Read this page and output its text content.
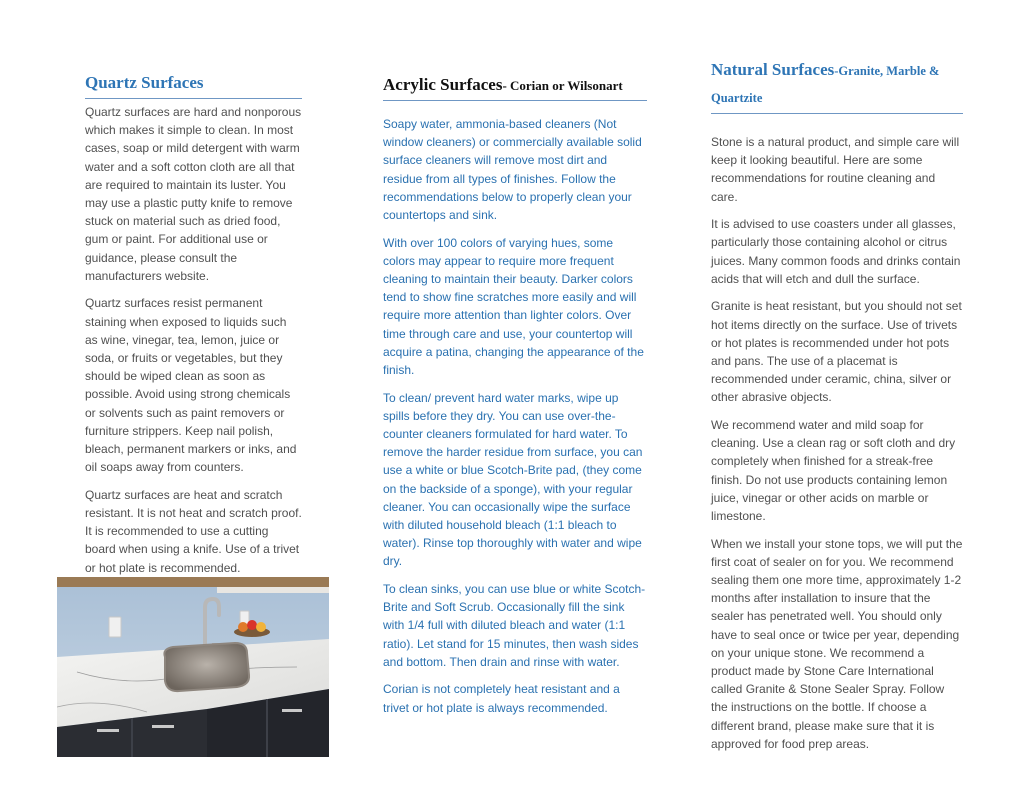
Quartz Surfaces

Quartz surfaces are hard and nonporous which makes it simple to clean. In most cases, soap or mild detergent with warm water and a soft cotton cloth are all that are required to maintain its luster. You may use a plastic putty knife to remove stuck on material such as dried food, gum or paint. For additional use or guidance, please consult the manufacturers website.

Quartz surfaces resist permanent staining when exposed to liquids such as wine, vinegar, tea, lemon, juice or soda, or fruits or vegetables, but they should be wiped clean as soon as possible. Avoid using strong chemicals or solvents such as paint removers or furniture strippers. Keep nail polish, bleach, permanent markers or inks, and oil soaps away from counters.

Quartz surfaces are heat and scratch resistant. It is not heat and scratch proof. It is recommended to use a cutting board when using a knife. Use of a trivet or hot plate is recommended.

Acrylic Surfaces- Corian or Wilsonart

Soapy water, ammonia-based cleaners (Not window cleaners) or commercially available solid surface cleaners will remove most dirt and residue from all types of finishes. Follow the recommendations below to properly clean your countertops and sink.

With over 100 colors of varying hues, some colors may appear to require more frequent cleaning to maintain their beauty. Darker colors tend to show fine scratches more easily and will require more attention than lighter colors. Over time through care and use, your countertop will acquire a patina, changing the appearance of the finish.

To clean/ prevent hard water marks, wipe up spills before they dry. You can use over-the-counter cleaners formulated for hard water. To remove the harder residue from surface, you can use a white or blue Scotch-Brite pad, (they come on the backside of a sponge), with your regular cleaner. You can occasionally wipe the surface with diluted household bleach (1:1 bleach to water). Rinse top thoroughly with water and wipe dry.

To clean sinks, you can use blue or white Scotch-Brite and Soft Scrub. Occasionally fill the sink with 1/4 full with diluted bleach and water (1:1 ratio). Let stand for 15 minutes, then wash sides and bottom. Then drain and rinse with water.

Corian is not completely heat resistant and a trivet or hot plate is always recommended.

Natural Surfaces-Granite, Marble & Quartzite

Stone is a natural product, and simple care will keep it looking beautiful. Here are some recommendations for routine cleaning and care.

It is advised to use coasters under all glasses, particularly those containing alcohol or citrus juices. Many common foods and drinks contain acids that will etch and dull the surface.

Granite is heat resistant, but you should not set hot items directly on the surface. Use of trivets or hot plates is recommended under hot pots and pans. The use of a placemat is recommended under ceramic, china, silver or other abrasive objects.

We recommend water and mild soap for cleaning. Use a clean rag or soft cloth and dry completely when finished for a streak-free finish. Do not use products containing lemon juice, vinegar or other acids on marble or limestone.

When we install your stone tops, we will put the first coat of sealer on for you. We recommend sealing them one more time, approximately 1-2 months after installation to insure that the sealer has penetrated well. You should only have to seal once or twice per year, depending on your unique stone. We recommend a product made by Stone Care International called Granite & Stone Sealer Spray. Follow the instructions on the bottle. If choose a different brand, please make sure that it is approved for food prep areas.
